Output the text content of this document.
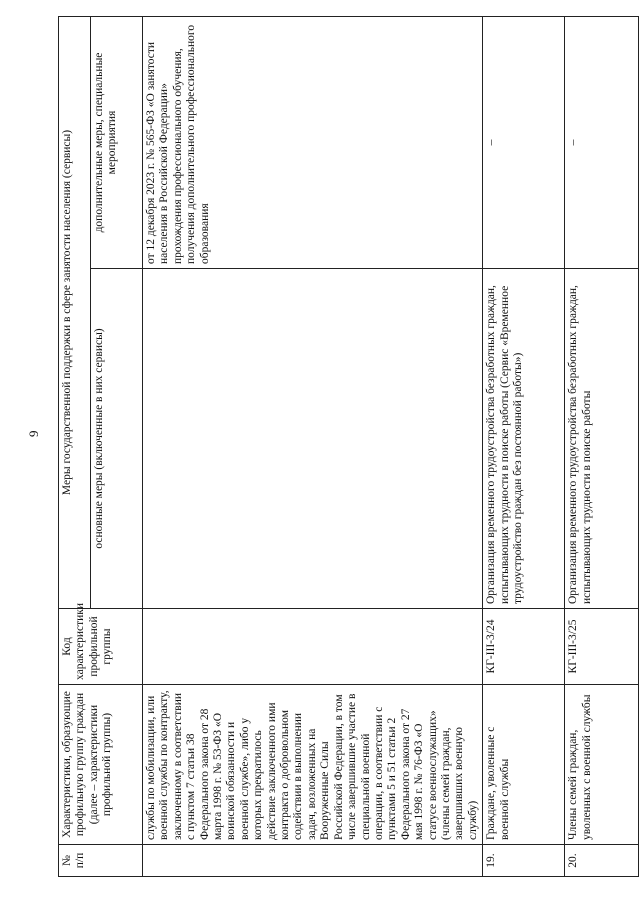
9
№ п/п	Характеристики, образующие профильную группу граждан (далее – характеристики профильной группы)	Код характеристики профильной группы	Меры государственной поддержки в сфере занятости населения (сервисы)	
			основные меры (включенные в них сервисы)	дополнительные меры, специальные мероприятия
	службы по мобилизации, или военной службы по контракту, заключенному в соответствии с пунктом 7 статьи 38 Федерального закона от 28 марта 1998 г. № 53-ФЗ «О воинской обязанности и военной службе», либо у которых прекратилось действие заключенного ими контракта о добровольном содействии в выполнении задач, возложенных на Вооруженные Силы Российской Федерации, в том числе завершившие участие в специальной военной операции, в соответствии с пунктами 5 и 51 статьи 2 Федерального закона от 27 мая 1998 г. № 76-ФЗ «О статусе военнослужащих» (члены семей граждан, завершивших военную службу)			от 12 декабря 2023 г. № 565-ФЗ «О занятости населения в Российской Федерации» прохождения профессионального обучения, получения дополнительного профессионального образования
19.	Граждане, уволенные с военной службы	КГ-III-3/24	Организация временного трудоустройства безработных граждан, испытывающих трудности в поиске работы (Сервис «Временное трудоустройство граждан без постоянной работы»)	–
20.	Члены семей граждан, уволенных с военной службы	КГ-III-3/25	Организация временного трудоустройства безработных граждан, испытывающих трудности в поиске работы	–
